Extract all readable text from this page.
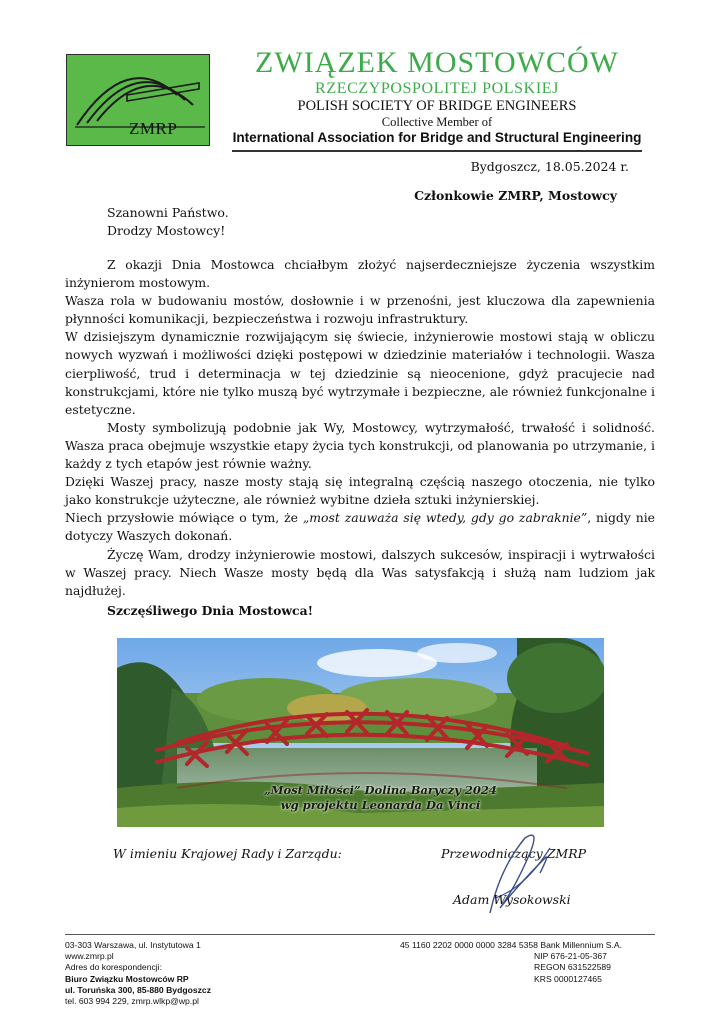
ZMRP
ZWIĄZEK MOSTOWCÓW
RZECZYPOSPOLITEJ POLSKIEJ
POLISH SOCIETY OF BRIDGE ENGINEERS
Collective Member of
International Association for Bridge and Structural Engineering
Bydgoszcz, 18.05.2024 r.
Członkowie ZMRP, Mostowcy
Szanowni Państwo.
Drodzy Mostowcy!

Z okazji Dnia Mostowca chciałbym złożyć najserdeczniejsze życzenia wszystkim inżynierom mostowym.

Wasza rola w budowaniu mostów, dosłownie i w przenośni, jest kluczowa dla zapewnienia płynności komunikacji, bezpieczeństwa i rozwoju infrastruktury.

W dzisiejszym dynamicznie rozwijającym się świecie, inżynierowie mostowi stają w obliczu nowych wyzwań i możliwości dzięki postępowi w dziedzinie materiałów i technologii. Wasza cierpliwość, trud i determinacja w tej dziedzinie są nieocenione, gdyż pracujecie nad konstrukcjami, które nie tylko muszą być wytrzymałe i bezpieczne, ale również funkcjonalne i estetyczne.

Mosty symbolizują podobnie jak Wy, Mostowcy, wytrzymałość, trwałość i solidność. Wasza praca obejmuje wszystkie etapy życia tych konstrukcji, od planowania po utrzymanie, i każdy z tych etapów jest równie ważny.

Dzięki Waszej pracy, nasze mosty stają się integralną częścią naszego otoczenia, nie tylko jako konstrukcje użyteczne, ale również wybitne dzieła sztuki inżynierskiej.

Niech przysłowie mówiące o tym, że „most zauważa się wtedy, gdy go zabraknie”, nigdy nie dotyczy Waszych dokonań.

Życzę Wam, drodzy inżynierowie mostowi, dalszych sukcesów, inspiracji i wytrwałości w Waszej pracy. Niech Wasze mosty będą dla Was satysfakcją i służą nam ludziom jak najdłużej.

Szczęśliwego Dnia Mostowca!

„Most Miłości” Dolina Baryczy 2024
wg projektu Leonarda Da Vinci
W imieniu Krajowej Rady i Zarządu:	Przewodniczący ZMRP
Adam Wysokowski
03-303 Warszawa, ul. Instytutowa 1
www.zmrp.pl
Adres do korespondencji:
Biuro Związku Mostowców RP
ul. Toruńska 300, 85-880 Bydgoszcz
tel. 603 994 229, zmrp.wlkp@wp.pl
45 1160 2202 0000 0000 3284 5358 Bank Millennium S.A.
NIP 676-21-05-367
REGON 631522589
KRS 0000127465
